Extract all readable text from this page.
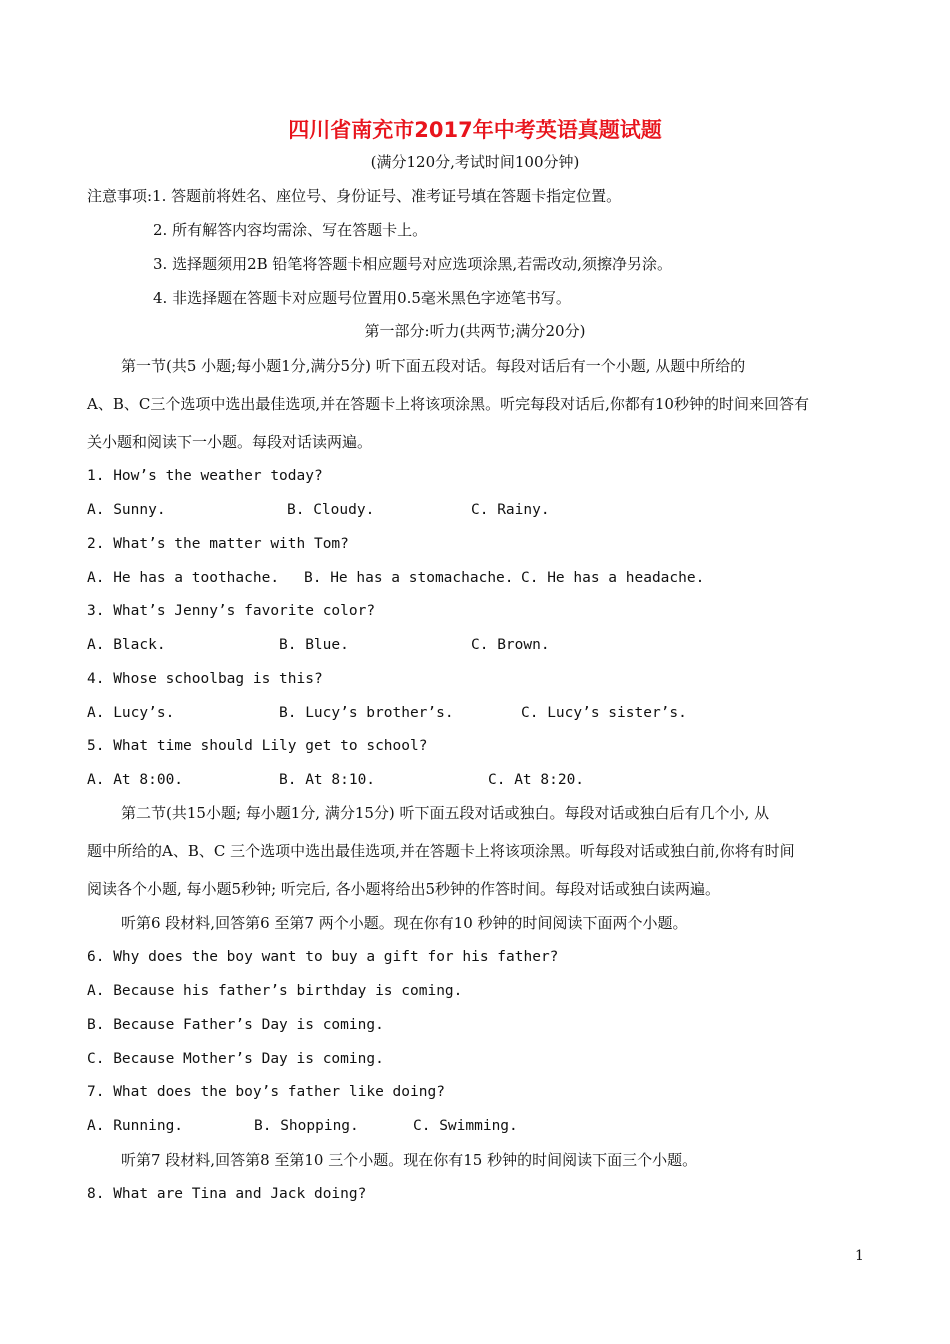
四川省南充市2017年中考英语真题试题
(满分120分,考试时间100分钟)
注意事项:1. 答题前将姓名、座位号、身份证号、准考证号填在答题卡指定位置。
2. 所有解答内容均需涂、写在答题卡上。
3. 选择题须用2B 铅笔将答题卡相应题号对应选项涂黑,若需改动,须擦净另涂。
4. 非选择题在答题卡对应题号位置用0.5毫米黑色字迹笔书写。
第一部分:听力(共两节;满分20分)
第一节(共5 小题;每小题1分,满分5分) 听下面五段对话。每段对话后有一个小题, 从题中所给的
A、B、C三个选项中选出最佳选项,并在答题卡上将该项涂黑。听完每段对话后,你都有10秒钟的时间来回答有
关小题和阅读下一小题。每段对话读两遍。
1. How’s the weather today?
A. Sunny.	B. Cloudy.	C. Rainy.
2. What’s the matter with Tom?
A. He has a toothache. B. He has a stomachache. C. He has a headache.
3. What’s Jenny’s favorite color?
A. Black.	B. Blue.	C. Brown.
4. Whose schoolbag is this?
A. Lucy’s.	B. Lucy’s brother’s.	C. Lucy’s sister’s.
5. What time should Lily get to school?
A. At 8:00.	B. At 8:10.	C. At 8:20.
第二节(共15小题; 每小题1分, 满分15分) 听下面五段对话或独白。每段对话或独白后有几个小, 从
题中所给的A、B、C 三个选项中选出最佳选项,并在答题卡上将该项涂黑。听每段对话或独白前,你将有时间
阅读各个小题, 每小题5秒钟; 听完后, 各小题将给出5秒钟的作答时间。每段对话或独白读两遍。
听第6 段材料,回答第6 至第7 两个小题。现在你有10 秒钟的时间阅读下面两个小题。
6. Why does the boy want to buy a gift for his father?
A. Because his father’s birthday is coming.
B. Because Father’s Day is coming.
C. Because Mother’s Day is coming.
7. What does the boy’s father like doing?
A. Running.	B. Shopping.	C. Swimming.
听第7 段材料,回答第8 至第10 三个小题。现在你有15 秒钟的时间阅读下面三个小题。
8. What are Tina and Jack doing?
1
